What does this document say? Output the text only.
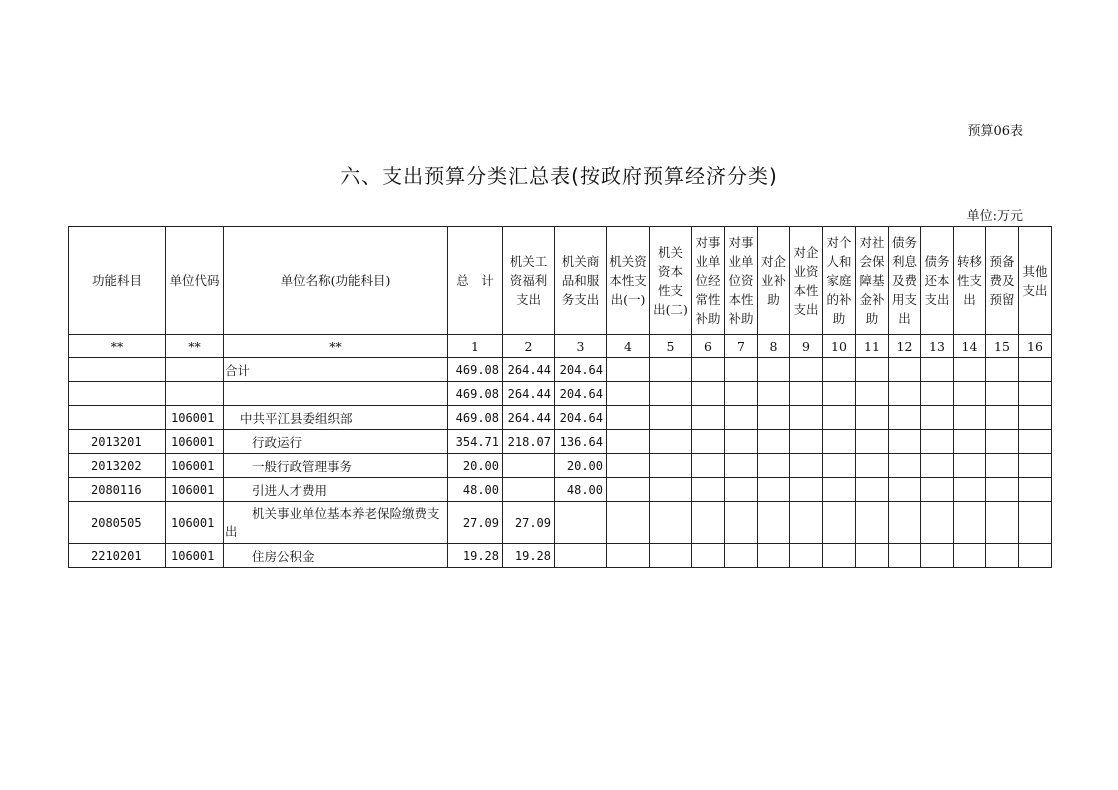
预算06表
六、支出预算分类汇总表(按政府预算经济分类)
单位:万元
功能科目	单位代码	单位名称(功能科目)	总　计	机关工资福利支出	机关商品和服务支出	机关资本性支出(一)	机关资本性支出(二)	对事业单位经常性补助	对事业单位资本性补助	对企业补助	对企业资本性支出	对个人和家庭的补助	对社会保障基金补助	债务利息及费用支出	债务还本支出	转移性支出	预备费及预留	其他支出
**	**	**	1	2	3	4	5	6	7	8	9	10	11	12	13	14	15	16
		合计	469.08	264.44	204.64													
			469.08	264.44	204.64													
	106001	中共平江县委组织部	469.08	264.44	204.64													
2013201	106001	行政运行	354.71	218.07	136.64													
2013202	106001	一般行政管理事务	20.00		20.00													
2080116	106001	引进人才费用	48.00		48.00													
2080505	106001	机关事业单位基本养老保险缴费支出	27.09	27.09														
2210201	106001	住房公积金	19.28	19.28														
